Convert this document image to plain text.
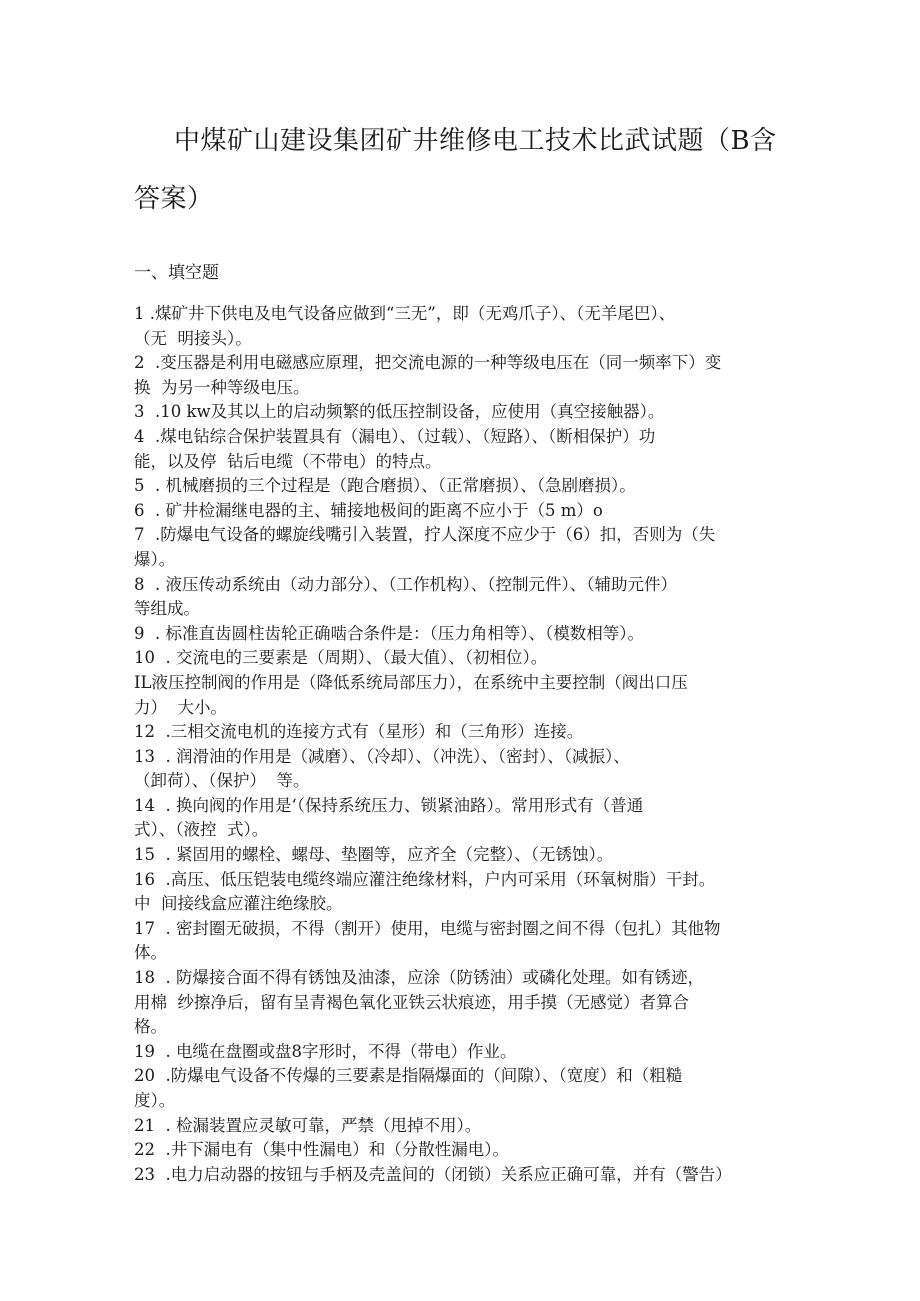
中煤矿山建设集团矿井维修电工技术比武试题（B含答案）

一、填空题

1 .煤矿井下供电及电气设备应做到“三无”，即（无鸡爪子）、（无羊尾巴）、
（无  明接头）。
2  .变压器是利用电磁感应原理，把交流电源的一种等级电压在（同一频率下）变
换  为另一种等级电压。
3  .10 kw及其以上的启动频繁的低压控制设备，应使用（真空接触器）。
4  .煤电钻综合保护装置具有（漏电）、（过载）、（短路）、（断相保护）功
能，以及停  钻后电缆（不带电）的特点。
5  . 机械磨损的三个过程是（跑合磨损）、（正常磨损）、（急剧磨损）。
6  . 矿井检漏继电器的主、辅接地极间的距离不应小于（5 m）o
7  .防爆电气设备的螺旋线嘴引入装置，拧人深度不应少于（6）扣，否则为（失
爆）。
8  . 液压传动系统由（动力部分）、（工作机构）、（控制元件）、（辅助元件）
等组成。
9  . 标准直齿圆柱齿轮正确啮合条件是：（压力角相等）、（模数相等）。
10  . 交流电的三要素是（周期）、（最大值）、（初相位）。
IL液压控制阀的作用是（降低系统局部压力），在系统中主要控制（阀出口压
力）  大小。
12  .三相交流电机的连接方式有（星形）和（三角形）连接。
13  . 润滑油的作用是（减磨）、（冷却）、（冲洗）、（密封）、（减振）、
（卸荷）、（保护）  等。
14  . 换向阀的作用是‘（保持系统压力、锁紧油路）。常用形式有（普通
式）、（液控  式）。
15  . 紧固用的螺栓、螺母、垫圈等，应齐全（完整）、（无锈蚀）。
16  .高压、低压铠装电缆终端应灌注绝缘材料，户内可采用（环氧树脂）干封。
中  间接线盒应灌注绝缘胶。
17  . 密封圈无破损，不得（割开）使用，电缆与密封圈之间不得（包扎）其他物
体。
18  . 防爆接合面不得有锈蚀及油漆，应涂（防锈油）或磷化处理。如有锈迹，
用棉  纱擦净后，留有呈青褐色氧化亚铁云状痕迹，用手摸（无感觉）者算合
格。
19  . 电缆在盘圈或盘8字形时，不得（带电）作业。
20  .防爆电气设备不传爆的三要素是指隔爆面的（间隙）、（宽度）和（粗糙
度）。
21  . 检漏装置应灵敏可靠，严禁（甩掉不用）。
22  .井下漏电有（集中性漏电）和（分散性漏电）。
23  .电力启动器的按钮与手柄及壳盖间的（闭锁）关系应正确可靠，并有（警告）
